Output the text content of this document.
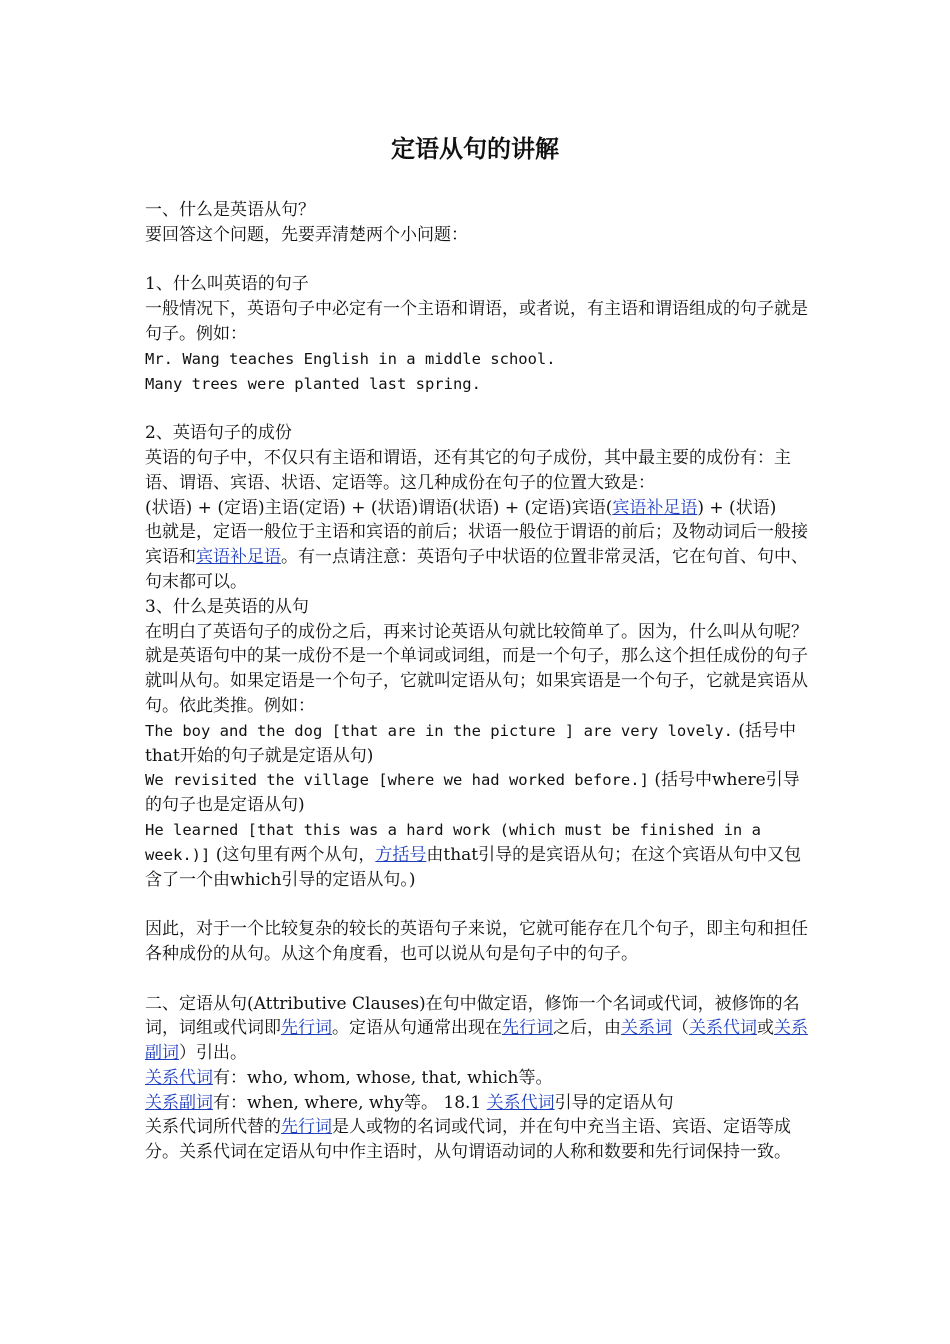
定语从句的讲解

一、什么是英语从句？

要回答这个问题，先要弄清楚两个小问题：

1、什么叫英语的句子

一般情况下，英语句子中必定有一个主语和谓语，或者说，有主语和谓语组成的句子就是句子。例如：

Mr. Wang teaches English in a middle school.

Many trees were planted last spring.

2、英语句子的成份

英语的句子中，不仅只有主语和谓语，还有其它的句子成份，其中最主要的成份有：主语、谓语、宾语、状语、定语等。这几种成份在句子的位置大致是：

(状语) + (定语)主语(定语) + (状语)谓语(状语) + (定语)宾语(宾语补足语) + (状语)

也就是，定语一般位于主语和宾语的前后；状语一般位于谓语的前后；及物动词后一般接宾语和宾语补足语。有一点请注意：英语句子中状语的位置非常灵活，它在句首、句中、句末都可以。

3、什么是英语的从句

在明白了英语句子的成份之后，再来讨论英语从句就比较简单了。因为，什么叫从句呢？就是英语句中的某一成份不是一个单词或词组，而是一个句子，那么这个担任成份的句子就叫从句。如果定语是一个句子，它就叫定语从句；如果宾语是一个句子，它就是宾语从句。依此类推。例如：

The boy and the dog [that are in the picture ] are very lovely. (括号中that开始的句子就是定语从句)

We revisited the village [where we had worked before.] (括号中where引导的句子也是定语从句)

He learned [that this was a hard work (which must be finished in a week.)] (这句里有两个从句，方括号由that引导的是宾语从句；在这个宾语从句中又包含了一个由which引导的定语从句。)

因此，对于一个比较复杂的较长的英语句子来说，它就可能存在几个句子，即主句和担任各种成份的从句。从这个角度看，也可以说从句是句子中的句子。

二、定语从句(Attributive Clauses)在句中做定语，修饰一个名词或代词，被修饰的名词，词组或代词即先行词。定语从句通常出现在先行词之后，由关系词（关系代词或关系副词）引出。

关系代词有：who, whom, whose, that, which等。

关系副词有：when, where, why等。 18.1 关系代词引导的定语从句

关系代词所代替的先行词是人或物的名词或代词，并在句中充当主语、宾语、定语等成分。关系代词在定语从句中作主语时，从句谓语动词的人称和数要和先行词保持一致。
